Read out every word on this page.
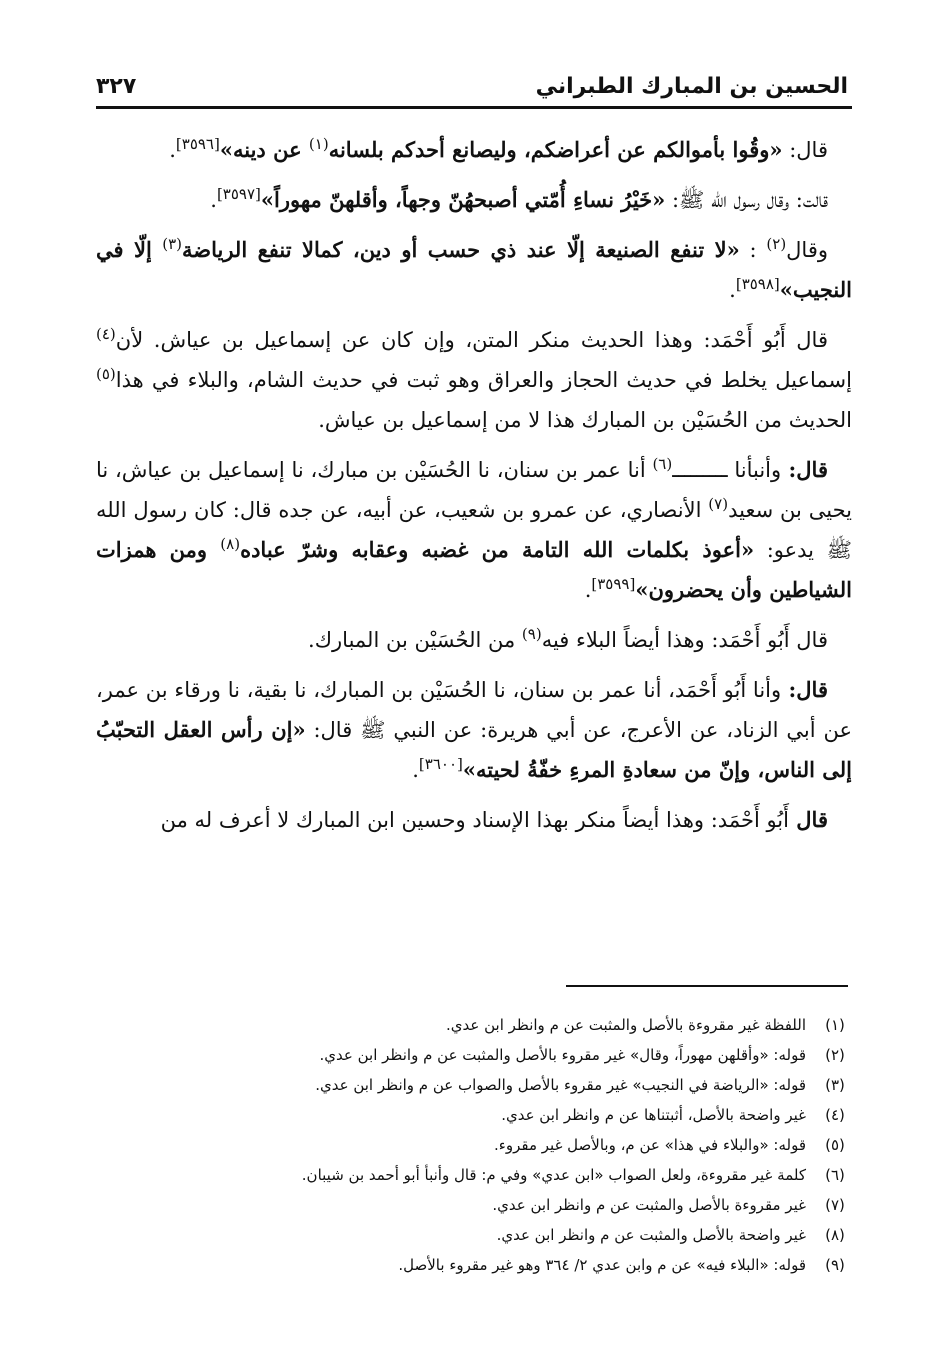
الحسين بن المبارك الطبراني
٣٢٧

قال: «وقُوا بأموالكم عن أعراضكم، وليصانع أحدكم بلسانه$^{(١)}$ عن دينه»[٣٥٩٦].

قالت: وقال رسول الله ﷺ: «خَيْرُ نساءِ أُمّتي أصبحهُنّ وجهاً، وأقلهنّ مهوراً»[٣٥٩٧].

وقال$^{(٢)}$ : «لا تنفع الصنيعة إلّا عند ذي حسب أو دين، كمالا تنفع الرياضة$^{(٣)}$ إلّا في النجيب»[٣٥٩٨].

قال أَبُو أَحْمَد: وهذا الحديث منكر المتن، وإن كان عن إسماعيل بن عياش. لأن$^{(٤)}$ إسماعيل يخلط في حديث الحجاز والعراق وهو ثبت في حديث الشام، والبلاء في هذا$^{(٥)}$ الحديث من الحُسَيْن بن المبارك هذا لا من إسماعيل بن عياش.

قال: وأنبأنا ـــــــــ$^{(٦)}$ أنا عمر بن سنان، نا الحُسَيْن بن مبارك، نا إسماعيل بن عياش، نا يحيى بن سعيد$^{(٧)}$ الأنصاري، عن عمرو بن شعيب، عن أبيه، عن جده قال: كان رسول الله ﷺ يدعو: «أعوذ بكلمات الله التامة من غضبه وعقابه وشرّ عباده$^{(٨)}$ ومن همزات الشياطين وأن يحضرون»[٣٥٩٩].

قال أَبُو أَحْمَد: وهذا أيضاً البلاء فيه$^{(٩)}$ من الحُسَيْن بن المبارك.

قال: وأنا أَبُو أَحْمَد، أنا عمر بن سنان، نا الحُسَيْن بن المبارك، نا بقية، نا ورقاء بن عمر، عن أبي الزناد، عن الأعرج، عن أبي هريرة: عن النبي ﷺ قال: «إن رأس العقل التحبّبُ إلى الناس، وإنّ من سعادةِ المرءِ خفّةُ لحيته»[٣٦٠٠].

قال أَبُو أَحْمَد: وهذا أيضاً منكر بهذا الإسناد وحسين ابن المبارك لا أعرف له من

(١)
اللفظة غير مقروءة بالأصل والمثبت عن م وانظر ابن عدي.
(٢)
قوله: «وأقلهن مهوراً، وقال» غير مقروء بالأصل والمثبت عن م وانظر ابن عدي.
(٣)
قوله: «الرياضة في النجيب» غير مقروء بالأصل والصواب عن م وانظر ابن عدي.
(٤)
غير واضحة بالأصل، أثبتناها عن م وانظر ابن عدي.
(٥)
قوله: «والبلاء في هذا» عن م، وبالأصل غير مقروء.
(٦)
كلمة غير مقروءة، ولعل الصواب «ابن عدي» وفي م: قال وأنبأ أبو أحمد بن شيبان.
(٧)
غير مقروءة بالأصل والمثبت عن م وانظر ابن عدي.
(٨)
غير واضحة بالأصل والمثبت عن م وانظر ابن عدي.
(٩)
قوله: «البلاء فيه» عن م وابن عدي ٢/ ٣٦٤ وهو غير مقروء بالأصل.
